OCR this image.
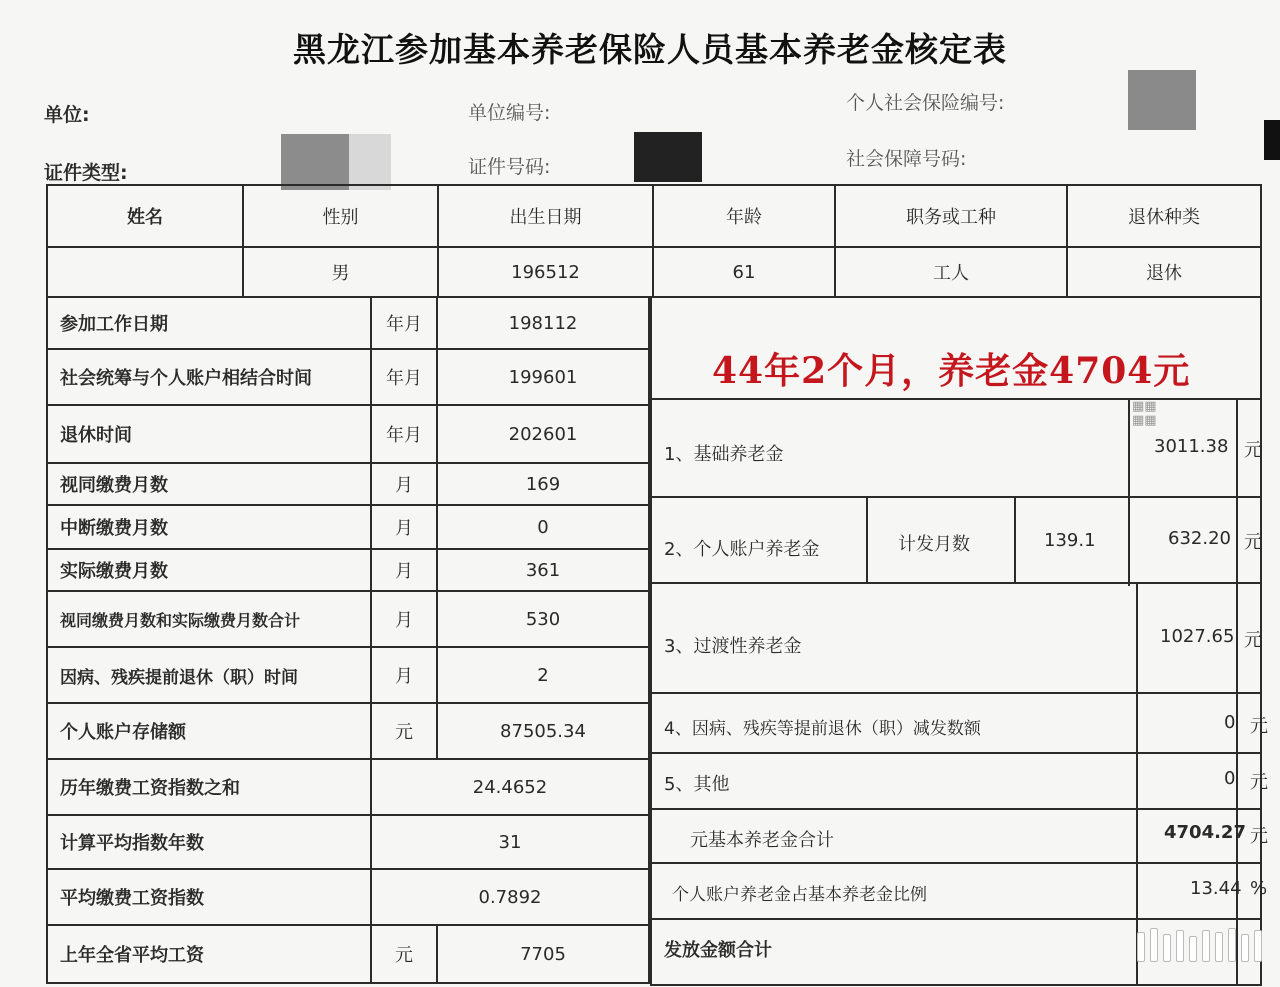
黑龙江参加基本养老保险人员基本养老金核定表
单位:	单位编号:	个人社会保险编号:
证件类型:	证件号码:	社会保障号码:
姓名	性别	出生日期	年龄	职务或工种	退休种类
	男	196512	61	工人	退休
参加工作日期	年月	198112
社会统筹与个人账户相结合时间	年月	199601
退休时间	年月	202601
视同缴费月数	月	169
中断缴费月数	月	0
实际缴费月数	月	361
视同缴费月数和实际缴费月数合计	月	530
因病、残疾提前退休（职）时间	月	2
个人账户存储额	元	87505.34
历年缴费工资指数之和	24.4652	
计算平均指数年数	31	
平均缴费工资指数	0.7892	
上年全省平均工资	元	7705
44年2个月，养老金4704元
1、基础养老金	3011.38 元
▦▦
▦▦
2、个人账户养老金	计发月数	139.1	632.20 元
3、过渡性养老金	1027.65 元
4、因病、残疾等提前退休（职）减发数额	0 元
5、其他	0 元
元基本养老金合计	4704.27 元
个人账户养老金占基本养老金比例	13.44 %
发放金额合计
